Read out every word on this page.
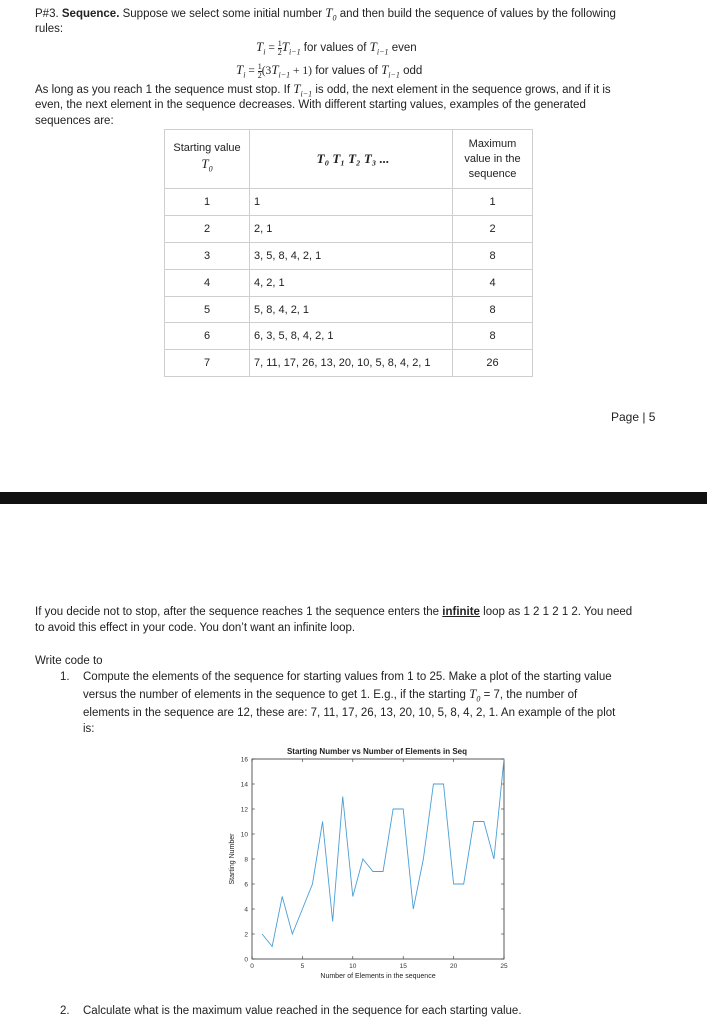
P#3. Sequence. Suppose we select some initial number $T_0$ and then build the sequence of values by the following
rules:
$T_i = \frac{1}{2} T_{i-1}$ for values of $T_{i-1}$ even
$T_i = \frac{1}{2} (3T_{i-1} + 1)$ for values of $T_{i-1}$ odd
As long as you reach 1 the sequence must stop. If $T_{i-1}$ is odd, the next element in the sequence grows, and if it is
even, the next element in the sequence decreases. With different starting values, examples of the generated
sequences are:
Starting value
$T_0$	T₀ T₁ T₂ T₃ ...	Maximum
value in the
sequence
1	1	1
2	2, 1	2
3	3, 5, 8, 4, 2, 1	8
4	4, 2, 1	4
5	5, 8, 4, 2, 1	8
6	6, 3, 5, 8, 4, 2, 1	8
7	7, 11, 17, 26, 13, 20, 10, 5, 8, 4, 2, 1	26
Page | 5
If you decide not to stop, after the sequence reaches 1 the sequence enters the infinite loop as 1 2 1 2 1 2. You need
to avoid this effect in your code. You don’t want an infinite loop.
Write code to
1. Compute the elements of the sequence for starting values from 1 to 25. Make a plot of the starting value
versus the number of elements in the sequence to get 1. E.g., if the starting $T_0 = 7$, the number of
elements in the sequence are 12, these are: 7, 11, 17, 26, 13, 20, 10, 5, 8, 4, 2, 1. An example of the plot
is:
Starting Number vs Number of Elements in Seq
0	5	10	15	20	25
0
2
4
6
8
10
12
14
16
Number of Elements in the sequence
Starting Number
2. Calculate what is the maximum value reached in the sequence for each starting value.
